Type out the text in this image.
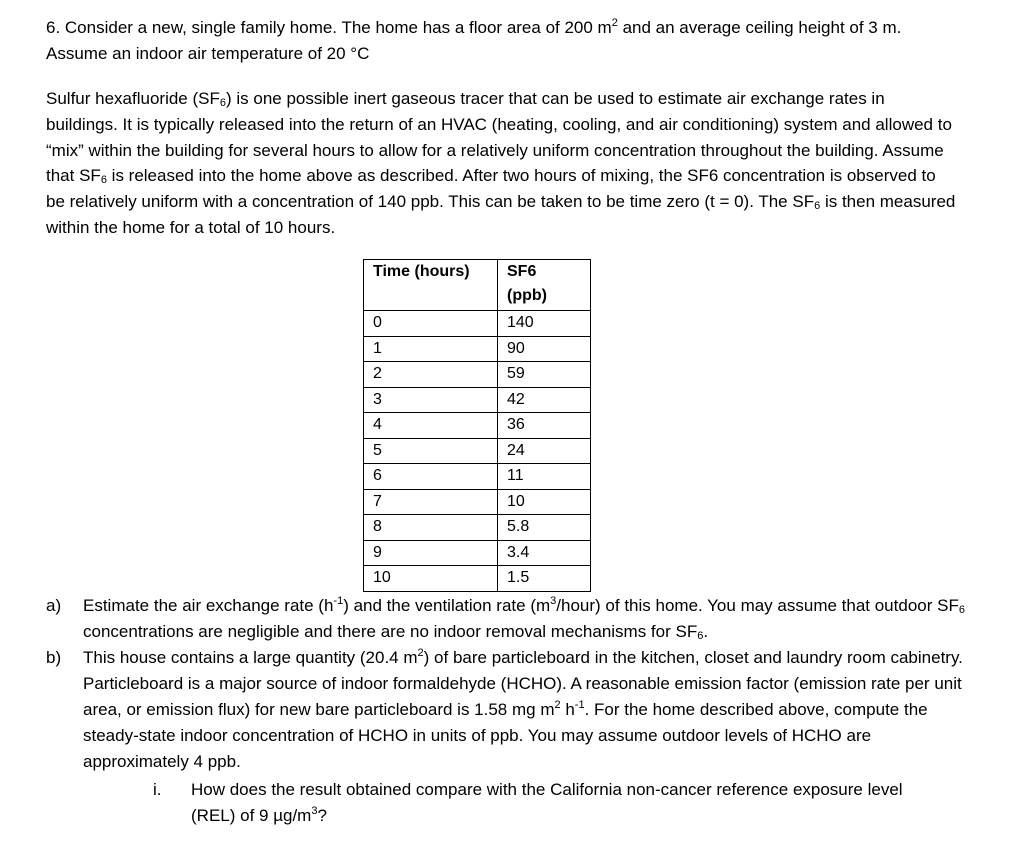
6. Consider a new, single family home. The home has a floor area of 200 $m^2$ and an average ceiling height of 3 m. Assume an indoor air temperature of 20 °C

Sulfur hexafluoride $(SF_6)$ is one possible inert gaseous tracer that can be used to estimate air exchange rates in buildings. It is typically released into the return of an HVAC (heating, cooling, and air conditioning) system and allowed to “mix” within the building for several hours to allow for a relatively uniform concentration throughout the building. Assume that $SF_6$ is released into the home above as described. After two hours of mixing, the SF6 concentration is observed to be relatively uniform with a concentration of 140 ppb. This can be taken to be time zero (t = 0). The $SF_6$ is then measured within the home for a total of 10 hours.

Time (hours)	SF6 (ppb)
0	140
1	90
2	59
3	42
4	36
5	24
6	11
7	10
8	5.8
9	3.4
10	1.5
a) Estimate the air exchange rate $(h^{-1})$ and the ventilation rate $(m^3/hour)$ of this home. You may assume that outdoor $SF_6$ concentrations are negligible and there are no indoor removal mechanisms for $SF_6$.
b) This house contains a large quantity (20.4 $m^2$) of bare particleboard in the kitchen, closet and laundry room cabinetry. Particleboard is a major source of indoor formaldehyde (HCHO). A reasonable emission factor (emission rate per unit area, or emission flux) for new bare particleboard is 1.58 mg $m^2$ $h^{-1}$. For the home described above, compute the steady-state indoor concentration of HCHO in units of ppb. You may assume outdoor levels of HCHO are approximately 4 ppb.
i. How does the result obtained compare with the California non-cancer reference exposure level (REL) of 9 $\mu g/m^3$?
